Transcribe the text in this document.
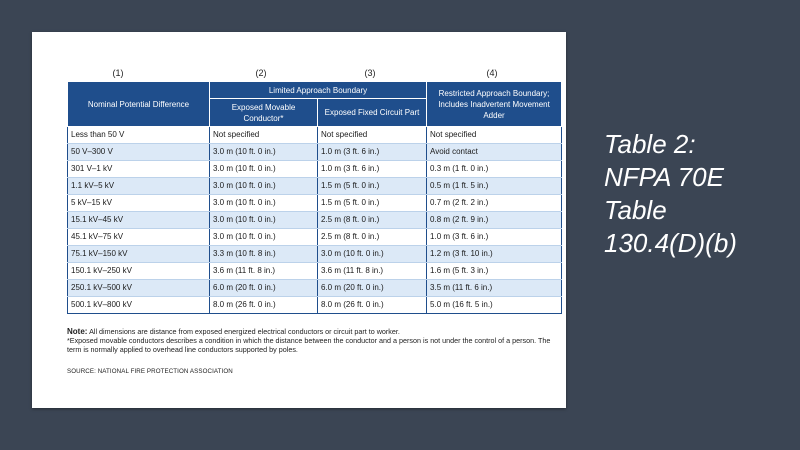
(1)	(2)	(3)	(4)
Nominal Potential Difference	Limited Approach Boundary		Restricted Approach Boundary; Includes Inadvertent Movement Adder
	Exposed Movable Conductor*	Exposed Fixed Circuit Part	
Less than 50 V	Not specified	Not specified	Not specified
50 V–300 V	3.0 m (10 ft. 0 in.)	1.0 m (3 ft. 6 in.)	Avoid contact
301 V–1 kV	3.0 m (10 ft. 0 in.)	1.0 m (3 ft. 6 in.)	0.3 m (1 ft. 0 in.)
1.1 kV–5 kV	3.0 m (10 ft. 0 in.)	1.5 m (5 ft. 0 in.)	0.5 m (1 ft. 5 in.)
5 kV–15 kV	3.0 m (10 ft. 0 in.)	1.5 m (5 ft. 0 in.)	0.7 m (2 ft. 2 in.)
15.1 kV–45 kV	3.0 m (10 ft. 0 in.)	2.5 m (8 ft. 0 in.)	0.8 m (2 ft. 9 in.)
45.1 kV–75 kV	3.0 m (10 ft. 0 in.)	2.5 m (8 ft. 0 in.)	1.0 m (3 ft. 6 in.)
75.1 kV–150 kV	3.3 m (10 ft. 8 in.)	3.0 m (10 ft. 0 in.)	1.2 m (3 ft. 10 in.)
150.1 kV–250 kV	3.6 m (11 ft. 8 in.)	3.6 m (11 ft. 8 in.)	1.6 m (5 ft. 3 in.)
250.1 kV–500 kV	6.0 m (20 ft. 0 in.)	6.0 m (20 ft. 0 in.)	3.5 m (11 ft. 6 in.)
500.1 kV–800 kV	8.0 m (26 ft. 0 in.)	8.0 m (26 ft. 0 in.)	5.0 m (16 ft. 5 in.)
Note: All dimensions are distance from exposed energized electrical conductors or circuit part to worker.
*Exposed movable conductors describes a condition in which the distance between the conductor and a person is not under the control of a person. The term is normally applied to overhead line conductors supported by poles.
SOURCE: NATIONAL FIRE PROTECTION ASSOCIATION
Table 2:
NFPA 70E
Table
130.4(D)(b)
